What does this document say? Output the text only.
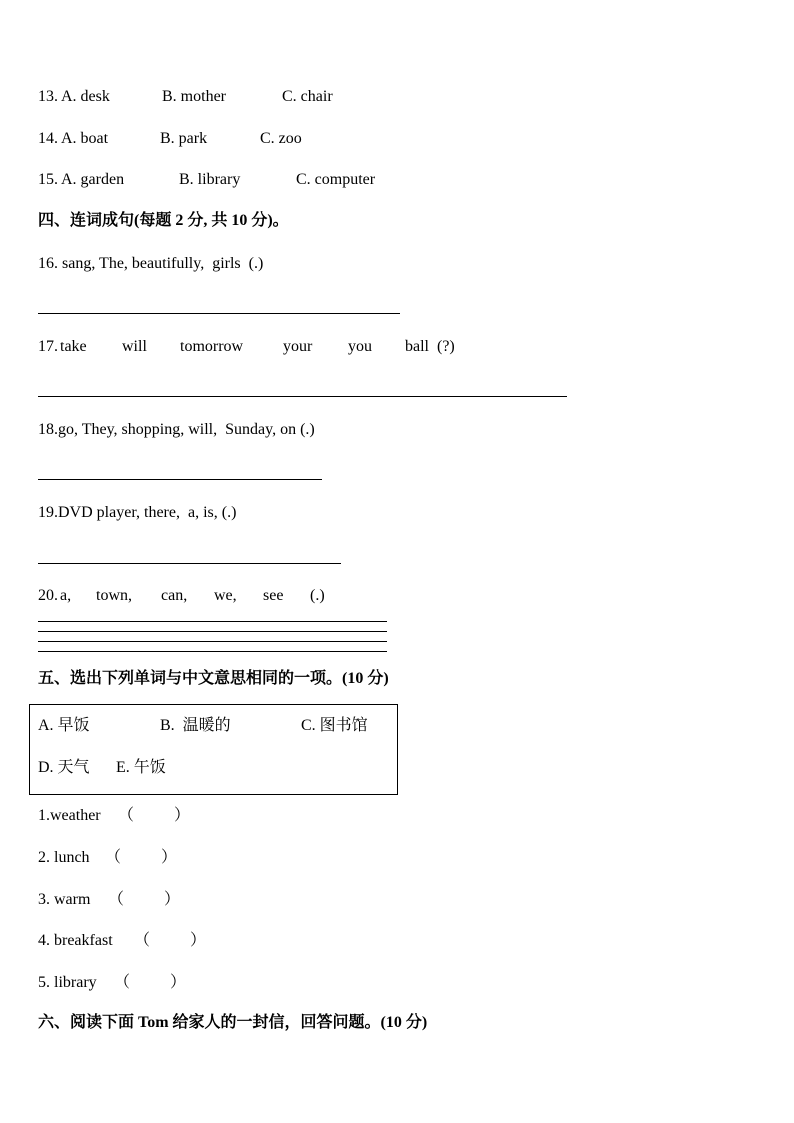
13. A. desk	B. mother	C. chair
14. A. boat	B. park	C. zoo
15. A. garden	B. library	C. computer
四、连词成句(每题 2 分, 共 10 分)。
16. sang, The, beautifully,  girls  (.)
17. take will tomorrow your you ball  (?)
18.go, They, shopping, will,  Sunday, on (.)
19.DVD player, there,  a, is, (.)
20. a, town, can, we, see (.)
五、选出下列单词与中文意思相同的一项。(10 分)
A. 早饭	B.  温暖的	C. 图书馆
D. 天气 E. 午饭
1.weather （          ）
2. lunch （          ）
3. warm （          ）
4. breakfast （          ）
5. library （          ）
六、阅读下面 Tom 给家人的一封信，回答问题。(10 分)
